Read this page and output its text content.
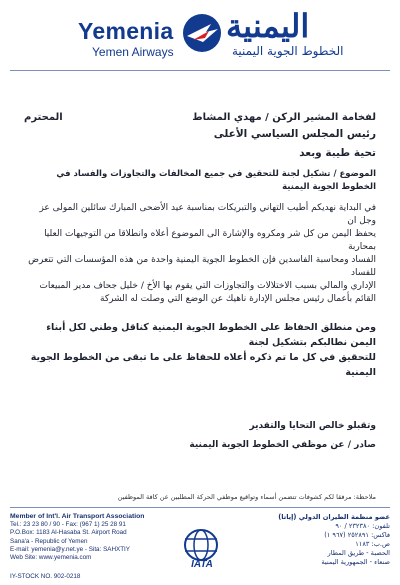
Yemenia
Yemen Airways
اليمنية
الخطوط الجوية اليمنية
لفخامة المشير الركن / مهدي المشاط
المحترم

رئيس المجلس السياسي الأعلى

تحية طيبة وبعد

الموضوع / تشكيل لجنة للتحقيق في جميع المخالفات والتجاوزات والفساد في الخطوط الجوية اليمنية

في البداية نهديكم أطيب التهاني والتبريكات بمناسبة عيد الأضحى المبارك سائلين المولى عز وجل ان

يحفظ اليمن من كل شر ومكروه والإشارة الى الموضوع أعلاه وانطلاقا من التوجيهات العليا بمحاربة

الفساد ومحاسبة الفاسدين فإن الخطوط الجوية اليمنية واحدة من هذه المؤسسات التي تتعرض للفساد

الإداري والمالي بسبب الاختلالات والتجاوزات التي يقوم بها الأخ / خليل جحاف مدير المبيعات

القائم بأعمال رئيس مجلس الإدارة ناهيك عن الوضع التي وصلت له الشركة

ومن منطلق الحفاظ على الخطوط الجوية اليمنية كناقل وطني لكل أبناء اليمن نطالبكم بتشكيل لجنة

للتحقيق في كل ما تم ذكره أعلاه للحفاظ على ما تبقى من الخطوط الجوية اليمنية

وتقبلو خالص التحايا والتقدير

صادر / عن موظفي الخطوط الجوية اليمنية

ملاحظة: مرفقا لكم كشوفات تتضمن أسماء وتواقيع موظفي الحركة المطلبين عن كافة الموظفين

Member of Int'l. Air Transport Association
Tel.: 23 23 80 / 90 - Fax: (967 1) 25 28 91
P.O.Box: 1183 Al-Hasaba St. Airport Road
Sana'a - Republic of Yemen
E-mail: yemenia@y.net.ye - Sita: SAHXTIY
Web Site: www.yemenia.com
IATA
عضو منظمة الطيران الدولي (إياتا)
تلفون: ٢٣٢٣٨٠ / ٩٠
فاكس: ٢٥٢٨٩١ (٩٦٧ ١)
ص.ب: ١١٨٣
الحصبة - طريق المطار
صنعاء - الجمهورية اليمنية
IY-STOCK NO. 902-0218
